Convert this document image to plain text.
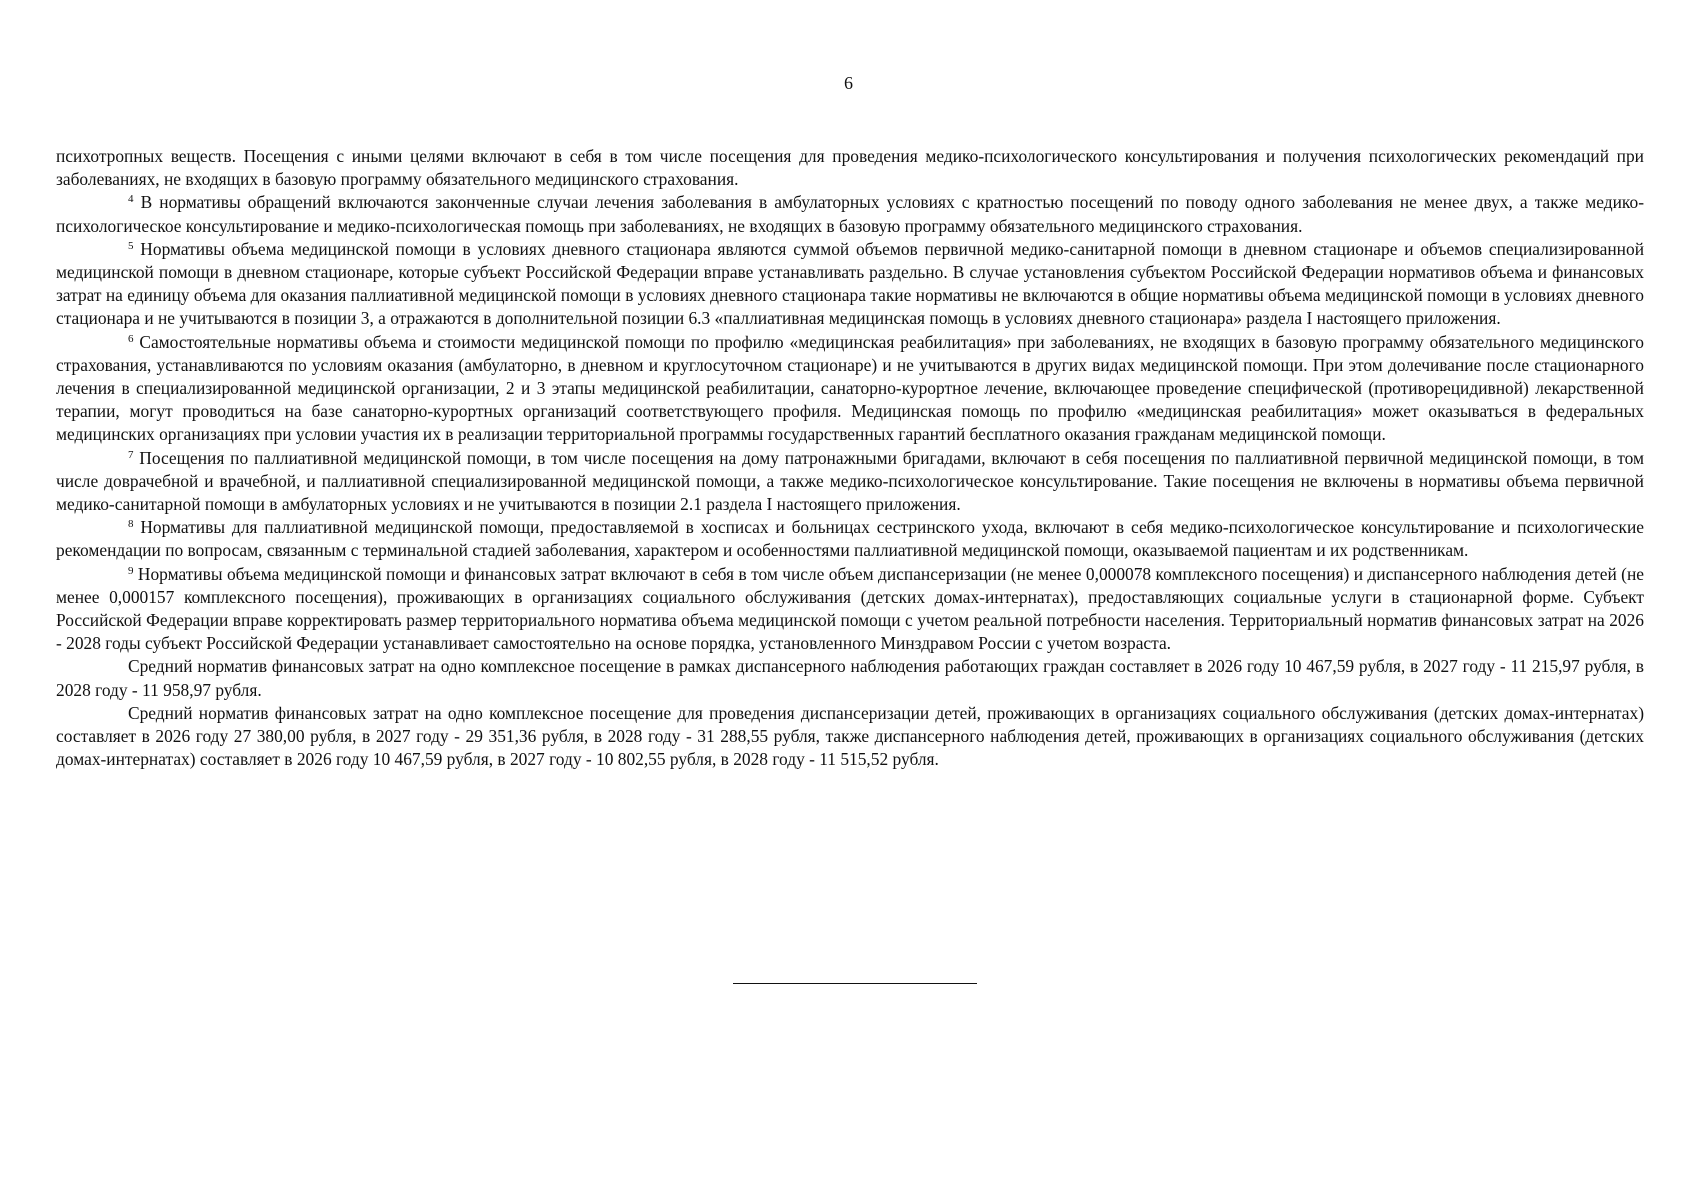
6

психотропных веществ. Посещения с иными целями включают в себя в том числе посещения для проведения медико-психологического консультирования и получения психологических рекомендаций при заболеваниях, не входящих в базовую программу обязательного медицинского страхования.

$^4$ В нормативы обращений включаются законченные случаи лечения заболевания в амбулаторных условиях с кратностью посещений по поводу одного заболевания не менее двух, а также медико-психологическое консультирование и медико-психологическая помощь при заболеваниях, не входящих в базовую программу обязательного медицинского страхования.

$^5$ Нормативы объема медицинской помощи в условиях дневного стационара являются суммой объемов первичной медико-санитарной помощи в дневном стационаре и объемов специализированной медицинской помощи в дневном стационаре, которые субъект Российской Федерации вправе устанавливать раздельно. В случае установления субъектом Российской Федерации нормативов объема и финансовых затрат на единицу объема для оказания паллиативной медицинской помощи в условиях дневного стационара такие нормативы не включаются в общие нормативы объема медицинской помощи в условиях дневного стационара и не учитываются в позиции 3, а отражаются в дополнительной позиции 6.3 «паллиативная медицинская помощь в условиях дневного стационара» раздела I настоящего приложения.

$^6$ Самостоятельные нормативы объема и стоимости медицинской помощи по профилю «медицинская реабилитация» при заболеваниях, не входящих в базовую программу обязательного медицинского страхования, устанавливаются по условиям оказания (амбулаторно, в дневном и круглосуточном стационаре) и не учитываются в других видах медицинской помощи. При этом долечивание после стационарного лечения в специализированной медицинской организации, 2 и 3 этапы медицинской реабилитации, санаторно-курортное лечение, включающее проведение специфической (противорецидивной) лекарственной терапии, могут проводиться на базе санаторно-курортных организаций соответствующего профиля. Медицинская помощь по профилю «медицинская реабилитация» может оказываться в федеральных медицинских организациях при условии участия их в реализации территориальной программы государственных гарантий бесплатного оказания гражданам медицинской помощи.

$^7$ Посещения по паллиативной медицинской помощи, в том числе посещения на дому патронажными бригадами, включают в себя посещения по паллиативной первичной медицинской помощи, в том числе доврачебной и врачебной, и паллиативной специализированной медицинской помощи, а также медико-психологическое консультирование. Такие посещения не включены в нормативы объема первичной медико-санитарной помощи в амбулаторных условиях и не учитываются в позиции 2.1 раздела I настоящего приложения.

$^8$ Нормативы для паллиативной медицинской помощи, предоставляемой в хосписах и больницах сестринского ухода, включают в себя медико-психологическое консультирование и психологические рекомендации по вопросам, связанным с терминальной стадией заболевания, характером и особенностями паллиативной медицинской помощи, оказываемой пациентам и их родственникам.

$^9$ Нормативы объема медицинской помощи и финансовых затрат включают в себя в том числе объем диспансеризации (не менее 0,000078 комплексного посещения) и диспансерного наблюдения детей (не менее 0,000157 комплексного посещения), проживающих в организациях социального обслуживания (детских домах-интернатах), предоставляющих социальные услуги в стационарной форме. Субъект Российской Федерации вправе корректировать размер территориального норматива объема медицинской помощи с учетом реальной потребности населения. Территориальный норматив финансовых затрат на 2026 - 2028 годы субъект Российской Федерации устанавливает самостоятельно на основе порядка, установленного Минздравом России с учетом возраста.

Средний норматив финансовых затрат на одно комплексное посещение в рамках диспансерного наблюдения работающих граждан составляет в 2026 году 10 467,59 рубля, в 2027 году - 11 215,97 рубля, в 2028 году - 11 958,97 рубля.

Средний норматив финансовых затрат на одно комплексное посещение для проведения диспансеризации детей, проживающих в организациях социального обслуживания (детских домах-интернатах) составляет в 2026 году 27 380,00 рубля, в 2027 году - 29 351,36 рубля, в 2028 году - 31 288,55 рубля, также диспансерного наблюдения детей, проживающих в организациях социального обслуживания (детских домах-интернатах) составляет в 2026 году 10 467,59 рубля, в 2027 году - 10 802,55 рубля, в 2028 году - 11 515,52 рубля.
